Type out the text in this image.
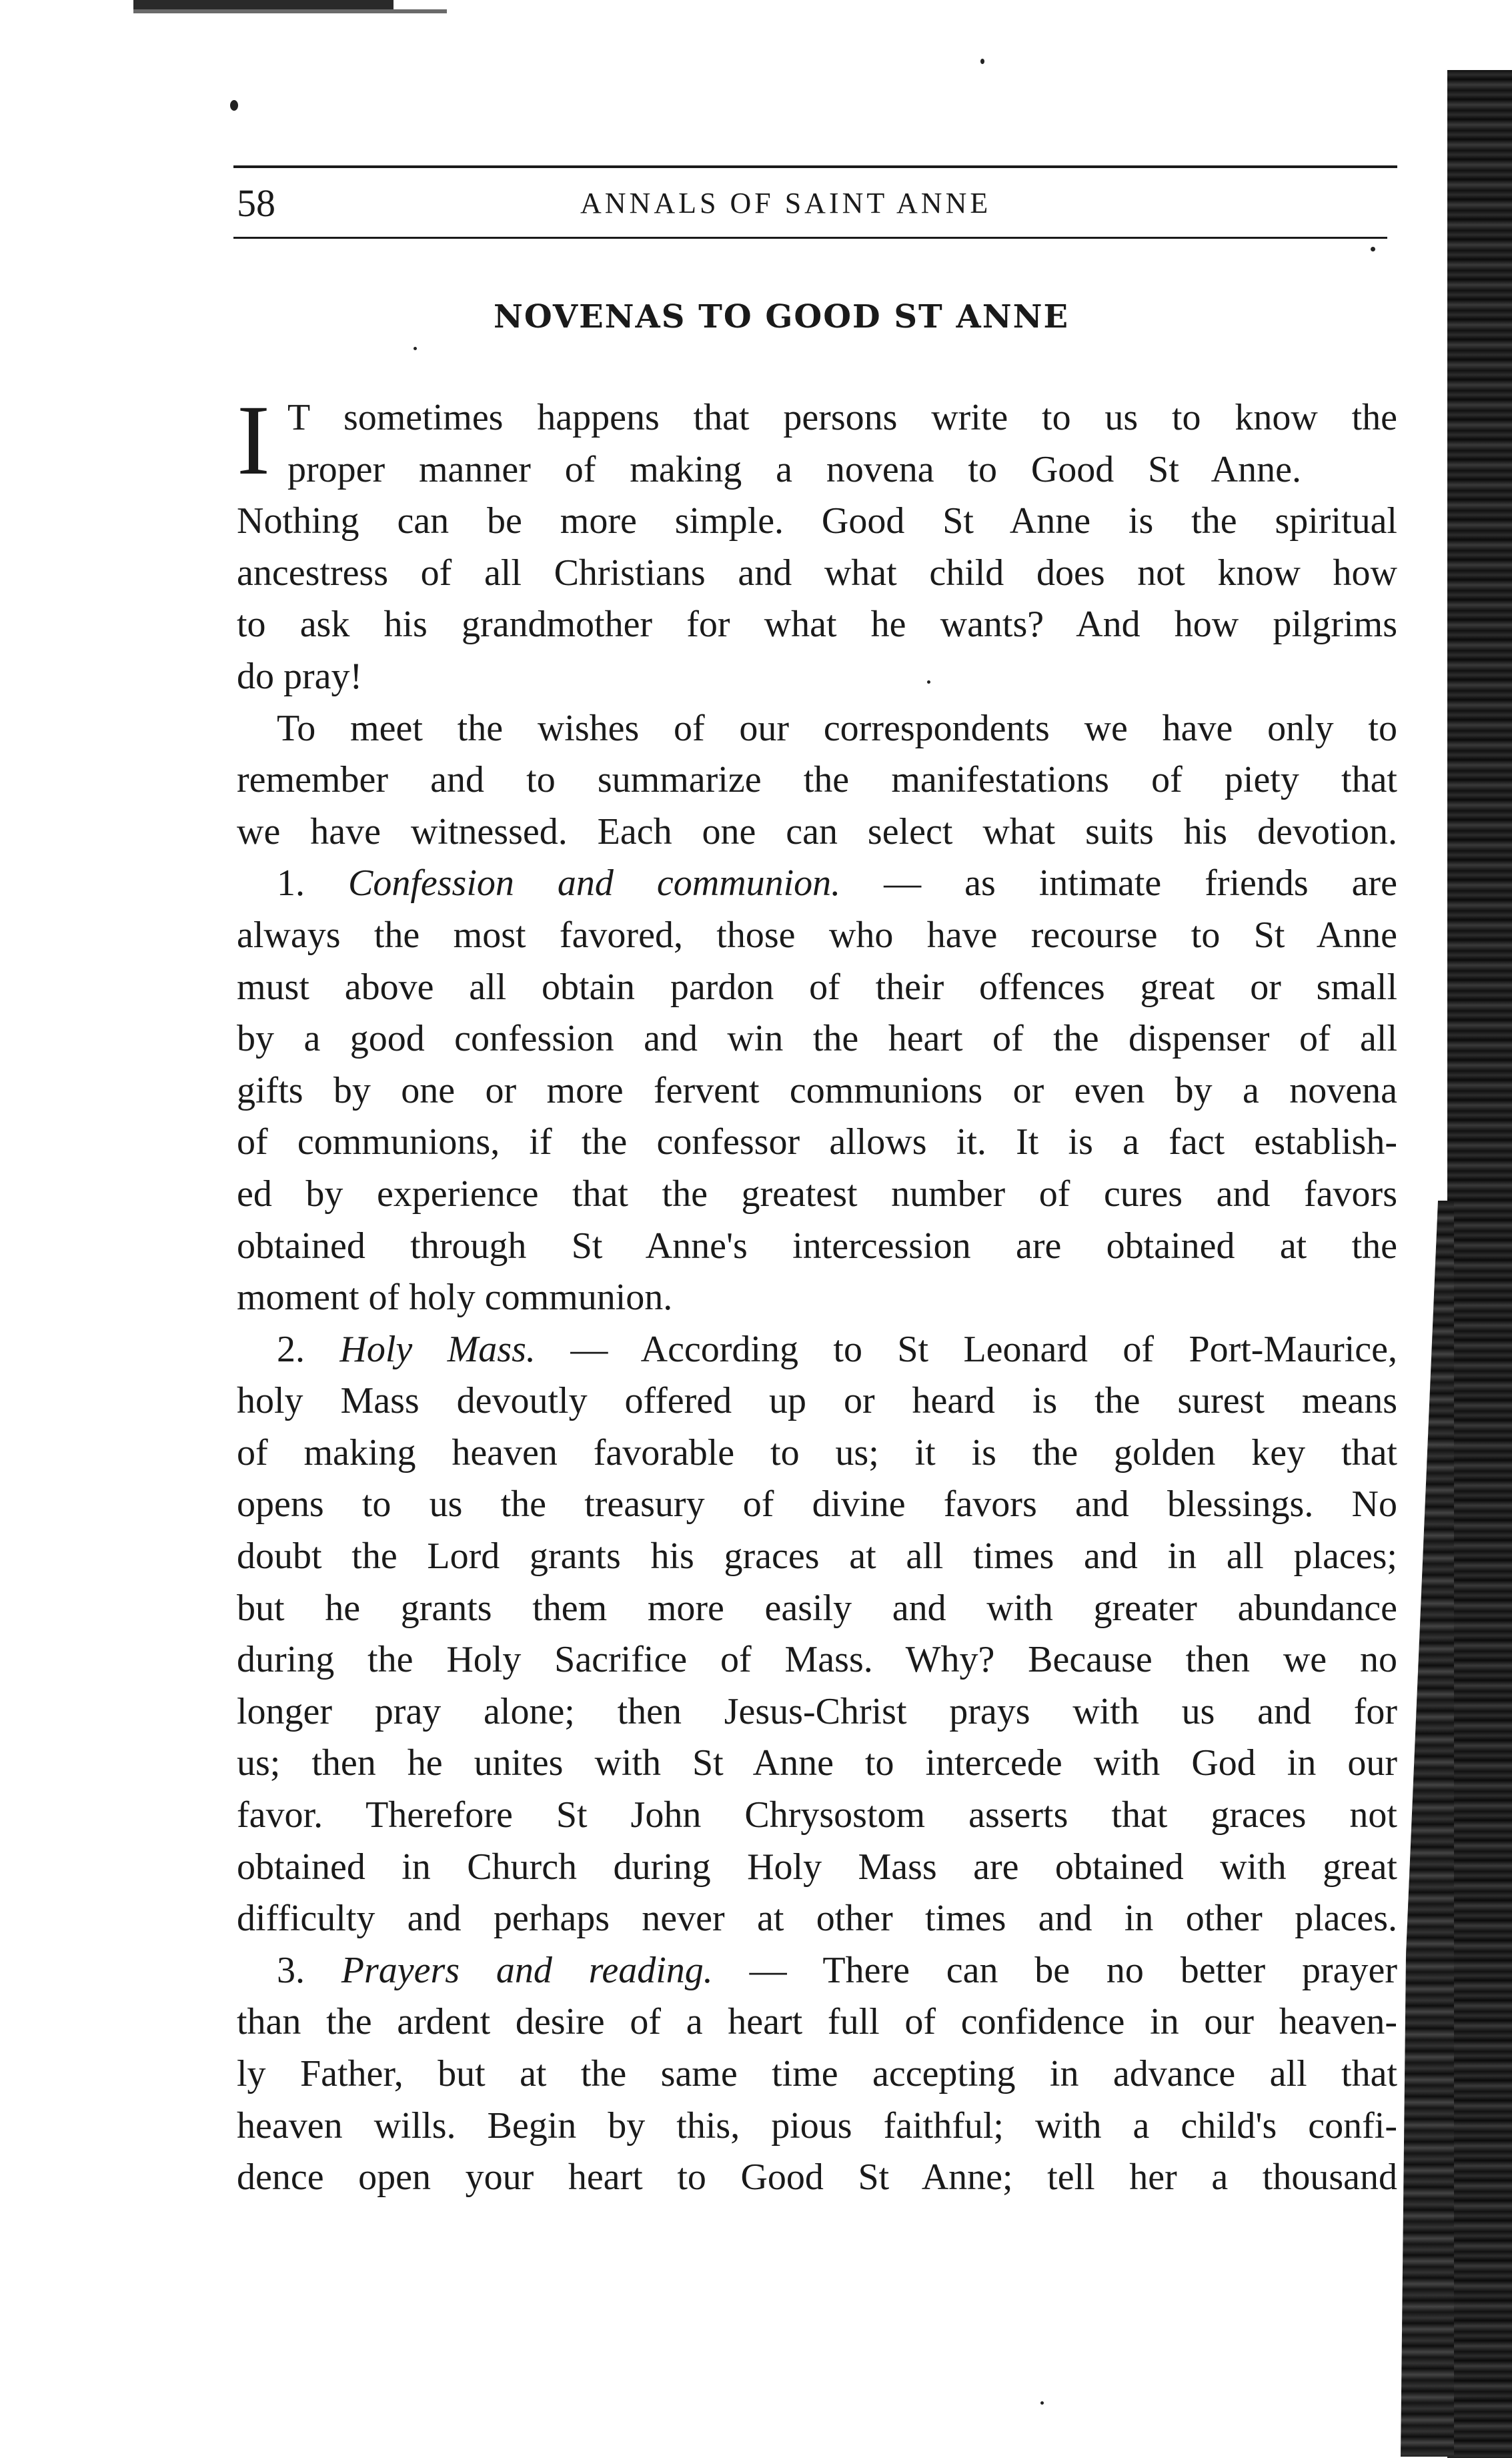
58	ANNALS OF SAINT ANNE
NOVENAS TO GOOD ST ANNE
I T sometimes happens that persons write to us to know the
proper manner of making a novena to Good St Anne.
Nothing can be more simple. Good St Anne is the spiritual
ancestress of all Christians and what child does not know how
to ask his grandmother for what he wants? And how pilgrims
do pray!
To meet the wishes of our correspondents we have only to
remember and to summarize the manifestations of piety that
we have witnessed. Each one can select what suits his devotion.
1. Confession and communion. — as intimate friends are
always the most favored, those who have recourse to St Anne
must above all obtain pardon of their offences great or small
by a good confession and win the heart of the dispenser of all
gifts by one or more fervent communions or even by a novena
of communions, if the confessor allows it. It is a fact establish-
ed by experience that the greatest number of cures and favors
obtained through St Anne's intercession are obtained at the
moment of holy communion.
2. Holy Mass. — According to St Leonard of Port-Maurice,
holy Mass devoutly offered up or heard is the surest means
of making heaven favorable to us; it is the golden key that
opens to us the treasury of divine favors and blessings. No
doubt the Lord grants his graces at all times and in all places;
but he grants them more easily and with greater abundance
during the Holy Sacrifice of Mass. Why? Because then we no
longer pray alone; then Jesus-Christ prays with us and for
us; then he unites with St Anne to intercede with God in our
favor. Therefore St John Chrysostom asserts that graces not
obtained in Church during Holy Mass are obtained with great
difficulty and perhaps never at other times and in other places.
3. Prayers and reading. — There can be no better prayer
than the ardent desire of a heart full of confidence in our heaven-
ly Father, but at the same time accepting in advance all that
heaven wills. Begin by this, pious faithful; with a child's confi-
dence open your heart to Good St Anne; tell her a thousand
